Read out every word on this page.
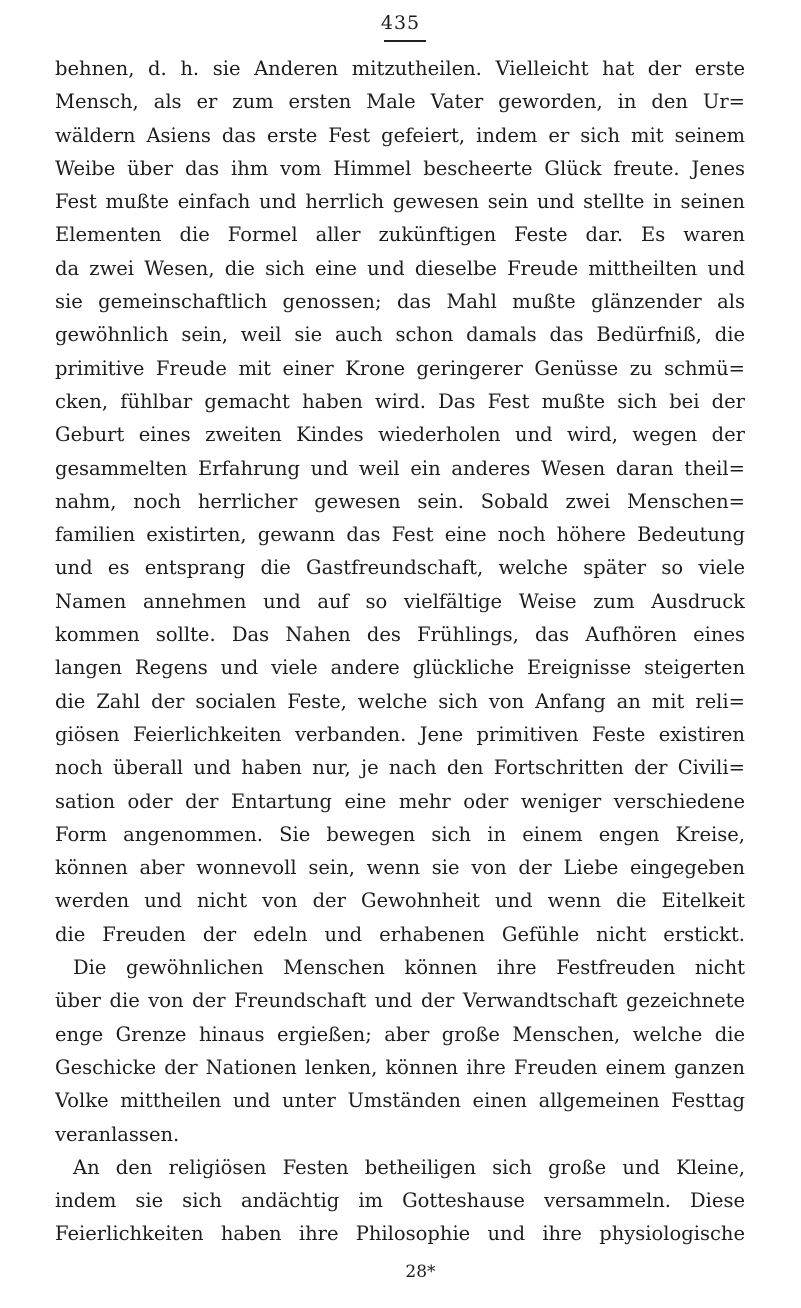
435
behnen, d. h. sie Anderen mitzutheilen. Vielleicht hat der erste
Mensch, als er zum ersten Male Vater geworden, in den Ur=
wäldern Asiens das erste Fest gefeiert, indem er sich mit seinem
Weibe über das ihm vom Himmel bescheerte Glück freute. Jenes
Fest mußte einfach und herrlich gewesen sein und stellte in seinen
Elementen die Formel aller zukünftigen Feste dar. Es waren
da zwei Wesen, die sich eine und dieselbe Freude mittheilten und
sie gemeinschaftlich genossen; das Mahl mußte glänzender als
gewöhnlich sein, weil sie auch schon damals das Bedürfniß, die
primitive Freude mit einer Krone geringerer Genüsse zu schmü=
cken, fühlbar gemacht haben wird. Das Fest mußte sich bei der
Geburt eines zweiten Kindes wiederholen und wird, wegen der
gesammelten Erfahrung und weil ein anderes Wesen daran theil=
nahm, noch herrlicher gewesen sein. Sobald zwei Menschen=
familien existirten, gewann das Fest eine noch höhere Bedeutung
und es entsprang die Gastfreundschaft, welche später so viele
Namen annehmen und auf so vielfältige Weise zum Ausdruck
kommen sollte. Das Nahen des Frühlings, das Aufhören eines
langen Regens und viele andere glückliche Ereignisse steigerten
die Zahl der socialen Feste, welche sich von Anfang an mit reli=
giösen Feierlichkeiten verbanden. Jene primitiven Feste existiren
noch überall und haben nur, je nach den Fortschritten der Civili=
sation oder der Entartung eine mehr oder weniger verschiedene
Form angenommen. Sie bewegen sich in einem engen Kreise,
können aber wonnevoll sein, wenn sie von der Liebe eingegeben
werden und nicht von der Gewohnheit und wenn die Eitelkeit
die Freuden der edeln und erhabenen Gefühle nicht erstickt.
Die gewöhnlichen Menschen können ihre Festfreuden nicht
über die von der Freundschaft und der Verwandtschaft gezeichnete
enge Grenze hinaus ergießen; aber große Menschen, welche die
Geschicke der Nationen lenken, können ihre Freuden einem ganzen
Volke mittheilen und unter Umständen einen allgemeinen Festtag
veranlassen.
An den religiösen Festen betheiligen sich große und Kleine,
indem sie sich andächtig im Gotteshause versammeln. Diese
Feierlichkeiten haben ihre Philosophie und ihre physiologische
28*
